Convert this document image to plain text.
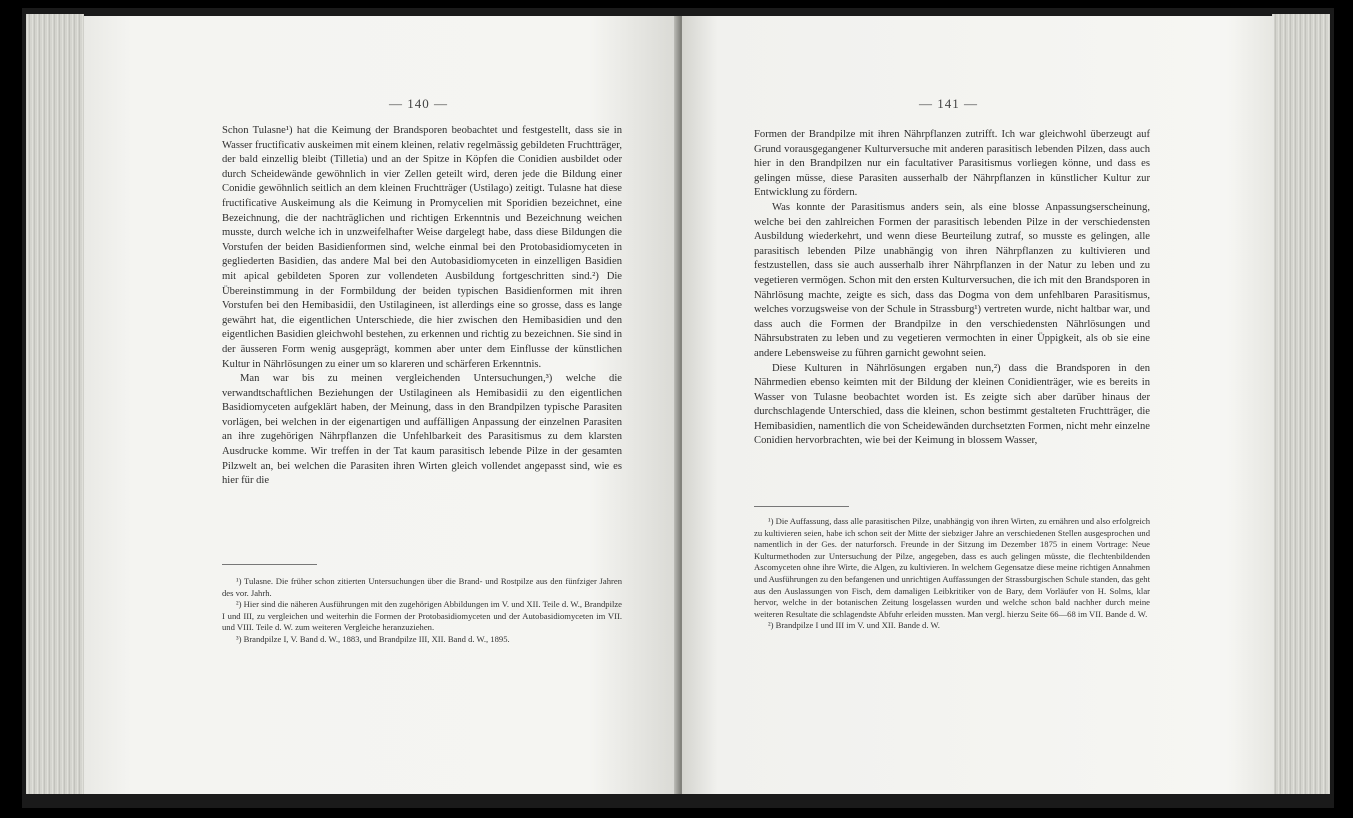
— 140 —

Schon Tulasne¹) hat die Keimung der Brandsporen beobachtet und festgestellt, dass sie in Wasser fructificativ auskeimen mit einem kleinen, relativ regelmässig gebildeten Fruchtträger, der bald einzellig bleibt (Tilletia) und an der Spitze in Köpfen die Conidien ausbildet oder durch Scheidewände gewöhnlich in vier Zellen geteilt wird, deren jede die Bildung einer Conidie gewöhnlich seitlich an dem kleinen Fruchtträger (Ustilago) zeitigt. Tulasne hat diese fructificative Auskeimung als die Keimung in Promycelien mit Sporidien bezeichnet, eine Bezeichnung, die der nachträglichen und richtigen Erkenntnis und Bezeichnung weichen musste, durch welche ich in unzweifelhafter Weise dargelegt habe, dass diese Bildungen die Vorstufen der beiden Basidienformen sind, welche einmal bei den Protobasidiomyceten in gegliederten Basidien, das andere Mal bei den Autobasidiomyceten in einzelligen Basidien mit apical gebildeten Sporen zur vollendeten Ausbildung fortgeschritten sind.²) Die Übereinstimmung in der Formbildung der beiden typischen Basidienformen mit ihren Vorstufen bei den Hemibasidii, den Ustilagineen, ist allerdings eine so grosse, dass es lange gewährt hat, die eigentlichen Unterschiede, die hier zwischen den Hemibasidien und den eigentlichen Basidien gleichwohl bestehen, zu erkennen und richtig zu bezeichnen. Sie sind in der äusseren Form wenig ausgeprägt, kommen aber unter dem Einflusse der künstlichen Kultur in Nährlösungen zu einer um so klareren und schärferen Erkenntnis.

Man war bis zu meinen vergleichenden Untersuchungen,³) welche die verwandtschaftlichen Beziehungen der Ustilagineen als Hemibasidii zu den eigentlichen Basidiomyceten aufgeklärt haben, der Meinung, dass in den Brandpilzen typische Parasiten vorlägen, bei welchen in der eigenartigen und auffälligen Anpassung der einzelnen Parasiten an ihre zugehörigen Nährpflanzen die Unfehlbarkeit des Parasitismus zu dem klarsten Ausdrucke komme. Wir treffen in der Tat kaum parasitisch lebende Pilze in der gesamten Pilzwelt an, bei welchen die Parasiten ihren Wirten gleich vollendet angepasst sind, wie es hier für die

¹) Tulasne. Die früher schon zitierten Untersuchungen über die Brand- und Rostpilze aus den fünfziger Jahren des vor. Jahrh.

²) Hier sind die näheren Ausführungen mit den zugehörigen Abbildungen im V. und XII. Teile d. W., Brandpilze I und III, zu vergleichen und weiterhin die Formen der Protobasidiomyceten und der Autobasidiomyceten im VII. und VIII. Teile d. W. zum weiteren Vergleiche heranzuziehen.

³) Brandpilze I, V. Band d. W., 1883, und Brandpilze III, XII. Band d. W., 1895.

— 141 —

Formen der Brandpilze mit ihren Nährpflanzen zutrifft. Ich war gleichwohl überzeugt auf Grund vorausgegangener Kulturversuche mit anderen parasitisch lebenden Pilzen, dass auch hier in den Brandpilzen nur ein facultativer Parasitismus vorliegen könne, und dass es gelingen müsse, diese Parasiten ausserhalb der Nährpflanzen in künstlicher Kultur zur Entwicklung zu fördern.

Was konnte der Parasitismus anders sein, als eine blosse Anpassungserscheinung, welche bei den zahlreichen Formen der parasitisch lebenden Pilze in der verschiedensten Ausbildung wiederkehrt, und wenn diese Beurteilung zutraf, so musste es gelingen, alle parasitisch lebenden Pilze unabhängig von ihren Nährpflanzen zu kultivieren und festzustellen, dass sie auch ausserhalb ihrer Nährpflanzen in der Natur zu leben und zu vegetieren vermögen. Schon mit den ersten Kulturversuchen, die ich mit den Brandsporen in Nährlösung machte, zeigte es sich, dass das Dogma von dem unfehlbaren Parasitismus, welches vorzugsweise von der Schule in Strassburg¹) vertreten wurde, nicht haltbar war, und dass auch die Formen der Brandpilze in den verschiedensten Nährlösungen und Nährsubstraten zu leben und zu vegetieren vermochten in einer Üppigkeit, als ob sie eine andere Lebensweise zu führen garnicht gewohnt seien.

Diese Kulturen in Nährlösungen ergaben nun,²) dass die Brandsporen in den Nährmedien ebenso keimten mit der Bildung der kleinen Conidienträger, wie es bereits in Wasser von Tulasne beobachtet worden ist. Es zeigte sich aber darüber hinaus der durchschlagende Unterschied, dass die kleinen, schon bestimmt gestalteten Fruchtträger, die Hemibasidien, namentlich die von Scheidewänden durchsetzten Formen, nicht mehr einzelne Conidien hervorbrachten, wie bei der Keimung in blossem Wasser,

¹) Die Auffassung, dass alle parasitischen Pilze, unabhängig von ihren Wirten, zu ernähren und also erfolgreich zu kultivieren seien, habe ich schon seit der Mitte der siebziger Jahre an verschiedenen Stellen ausgesprochen und namentlich in der Ges. der naturforsch. Freunde in der Sitzung im Dezember 1875 in einem Vortrage: Neue Kulturmethoden zur Untersuchung der Pilze, angegeben, dass es auch gelingen müsste, die flechtenbildenden Ascomyceten ohne ihre Wirte, die Algen, zu kultivieren. In welchem Gegensatze diese meine richtigen Annahmen und Ausführungen zu den befangenen und unrichtigen Auffassungen der Strassburgischen Schule standen, das geht aus den Auslassungen von Fisch, dem damaligen Leibkritiker von de Bary, dem Vorläufer von H. Solms, klar hervor, welche in der botanischen Zeitung losgelassen wurden und welche schon bald nachher durch meine weiteren Resultate die schlagendste Abfuhr erleiden mussten. Man vergl. hierzu Seite 66—68 im VII. Bande d. W.

²) Brandpilze I und III im V. und XII. Bande d. W.
